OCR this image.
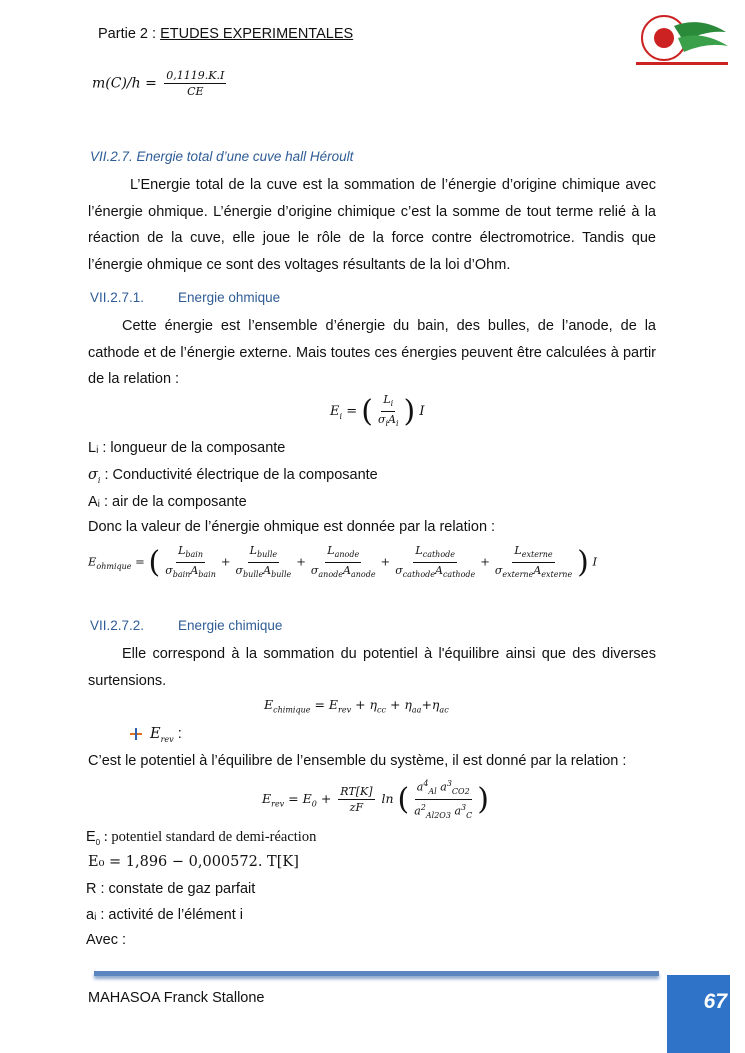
Partie 2 : ETUDES EXPERIMENTALES
$m(C)/h = \frac{0,1119.K.I}{CE}$
VII.2.7. Energie total d’une cuve hall Héroult
L’Energie total de la cuve est la sommation de l’énergie d’origine chimique avec l’énergie ohmique. L’énergie d’origine chimique c’est la somme de tout terme relié à la réaction de la cuve, elle joue le rôle de la force contre électromotrice. Tandis que l’énergie ohmique ce sont des voltages résultants de la loi d’Ohm.
VII.2.7.1.	Energie ohmique
Cette énergie est l’ensemble d’énergie du bain, des bulles, de l’anode, de la cathode et de l’énergie externe. Mais toutes ces énergies peuvent être calculées à partir de la relation :
$E_i$ = ( $\frac{L_i}{\sigma_iA_i}$ ) I
Lᵢ : longueur de la composante
$\sigma_i$ : Conductivité électrique de la composante
Aᵢ : air de la composante
Donc la valeur de l’énergie ohmique est donnée par la relation :
$E_{ohmique}$ = ( $\frac{L_{bain}}{\sigma_{bain}A_{bain}} + \frac{L_{bulle}}{\sigma_{bulle}A_{bulle}} + \frac{L_{anode}}{\sigma_{anode}A_{anode}} + \frac{L_{cathode}}{\sigma_{cathode}A_{cathode}} + \frac{L_{externe}}{\sigma_{externe}A_{externe}}$ ) I
VII.2.7.2.	Energie chimique
Elle correspond à la sommation du potentiel à l'équilibre ainsi que des diverses surtensions.
$E_{chimique} = E_{rev} + \eta_{cc} + \eta_{aa}+\eta_{ac}$
$E_{rev}$ :
C’est le potentiel à l’équilibre de l’ensemble du système, il est donné par la relation :
$E_{rev} = E_0 + \frac{RT[K]}{zF}$ ln ( $\frac{a^4_{Al} a^3_{CO2}}{a^2_{Al2O3} a^3_C}$ )
$E_0$ : potentiel standard de demi-réaction
E₀ = 1,896 − 0,000572. T[K]
R : constate de gaz parfait
aᵢ : activité de l’élément i
Avec :
MAHASOA Franck Stallone	67
